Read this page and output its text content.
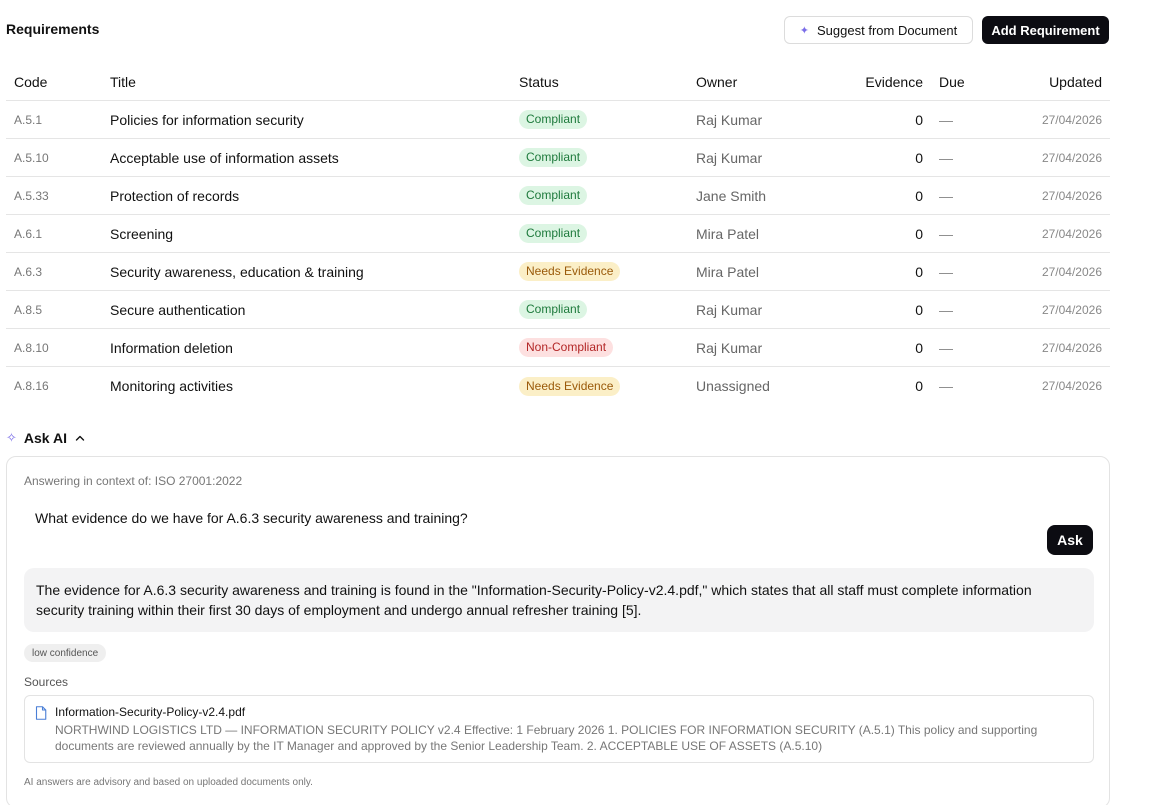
Requirements	✦ Suggest from Document	Add Requirement
Code	Title	Status	Owner	Evidence Due	Updated
A.5.1	Policies for information security	Compliant	Raj Kumar	0 —	27/04/2026
A.5.10	Acceptable use of information assets	Compliant	Raj Kumar	0 —	27/04/2026
A.5.33	Protection of records	Compliant	Jane Smith	0 —	27/04/2026
A.6.1	Screening	Compliant	Mira Patel	0 —	27/04/2026
A.6.3	Security awareness, education & training	Needs Evidence	Mira Patel	0 —	27/04/2026
A.8.5	Secure authentication	Compliant	Raj Kumar	0 —	27/04/2026
A.8.10	Information deletion	Non-Compliant	Raj Kumar	0 —	27/04/2026
A.8.16	Monitoring activities	Needs Evidence	Unassigned	0 —	27/04/2026
✧ Ask AI
Answering in context of: ISO 27001:2022
What evidence do we have for A.6.3 security awareness and training?
Ask
The evidence for A.6.3 security awareness and training is found in the "Information-Security-Policy-v2.4.pdf," which states that all staff must complete information security training within their first 30 days of employment and undergo annual refresher training [5].
low confidence
Sources
Information-Security-Policy-v2.4.pdf
NORTHWIND LOGISTICS LTD — INFORMATION SECURITY POLICY v2.4 Effective: 1 February 2026 1. POLICIES FOR INFORMATION SECURITY (A.5.1) This policy and supporting documents are reviewed annually by the IT Manager and approved by the Senior Leadership Team. 2. ACCEPTABLE USE OF ASSETS (A.5.10)
AI answers are advisory and based on uploaded documents only.
